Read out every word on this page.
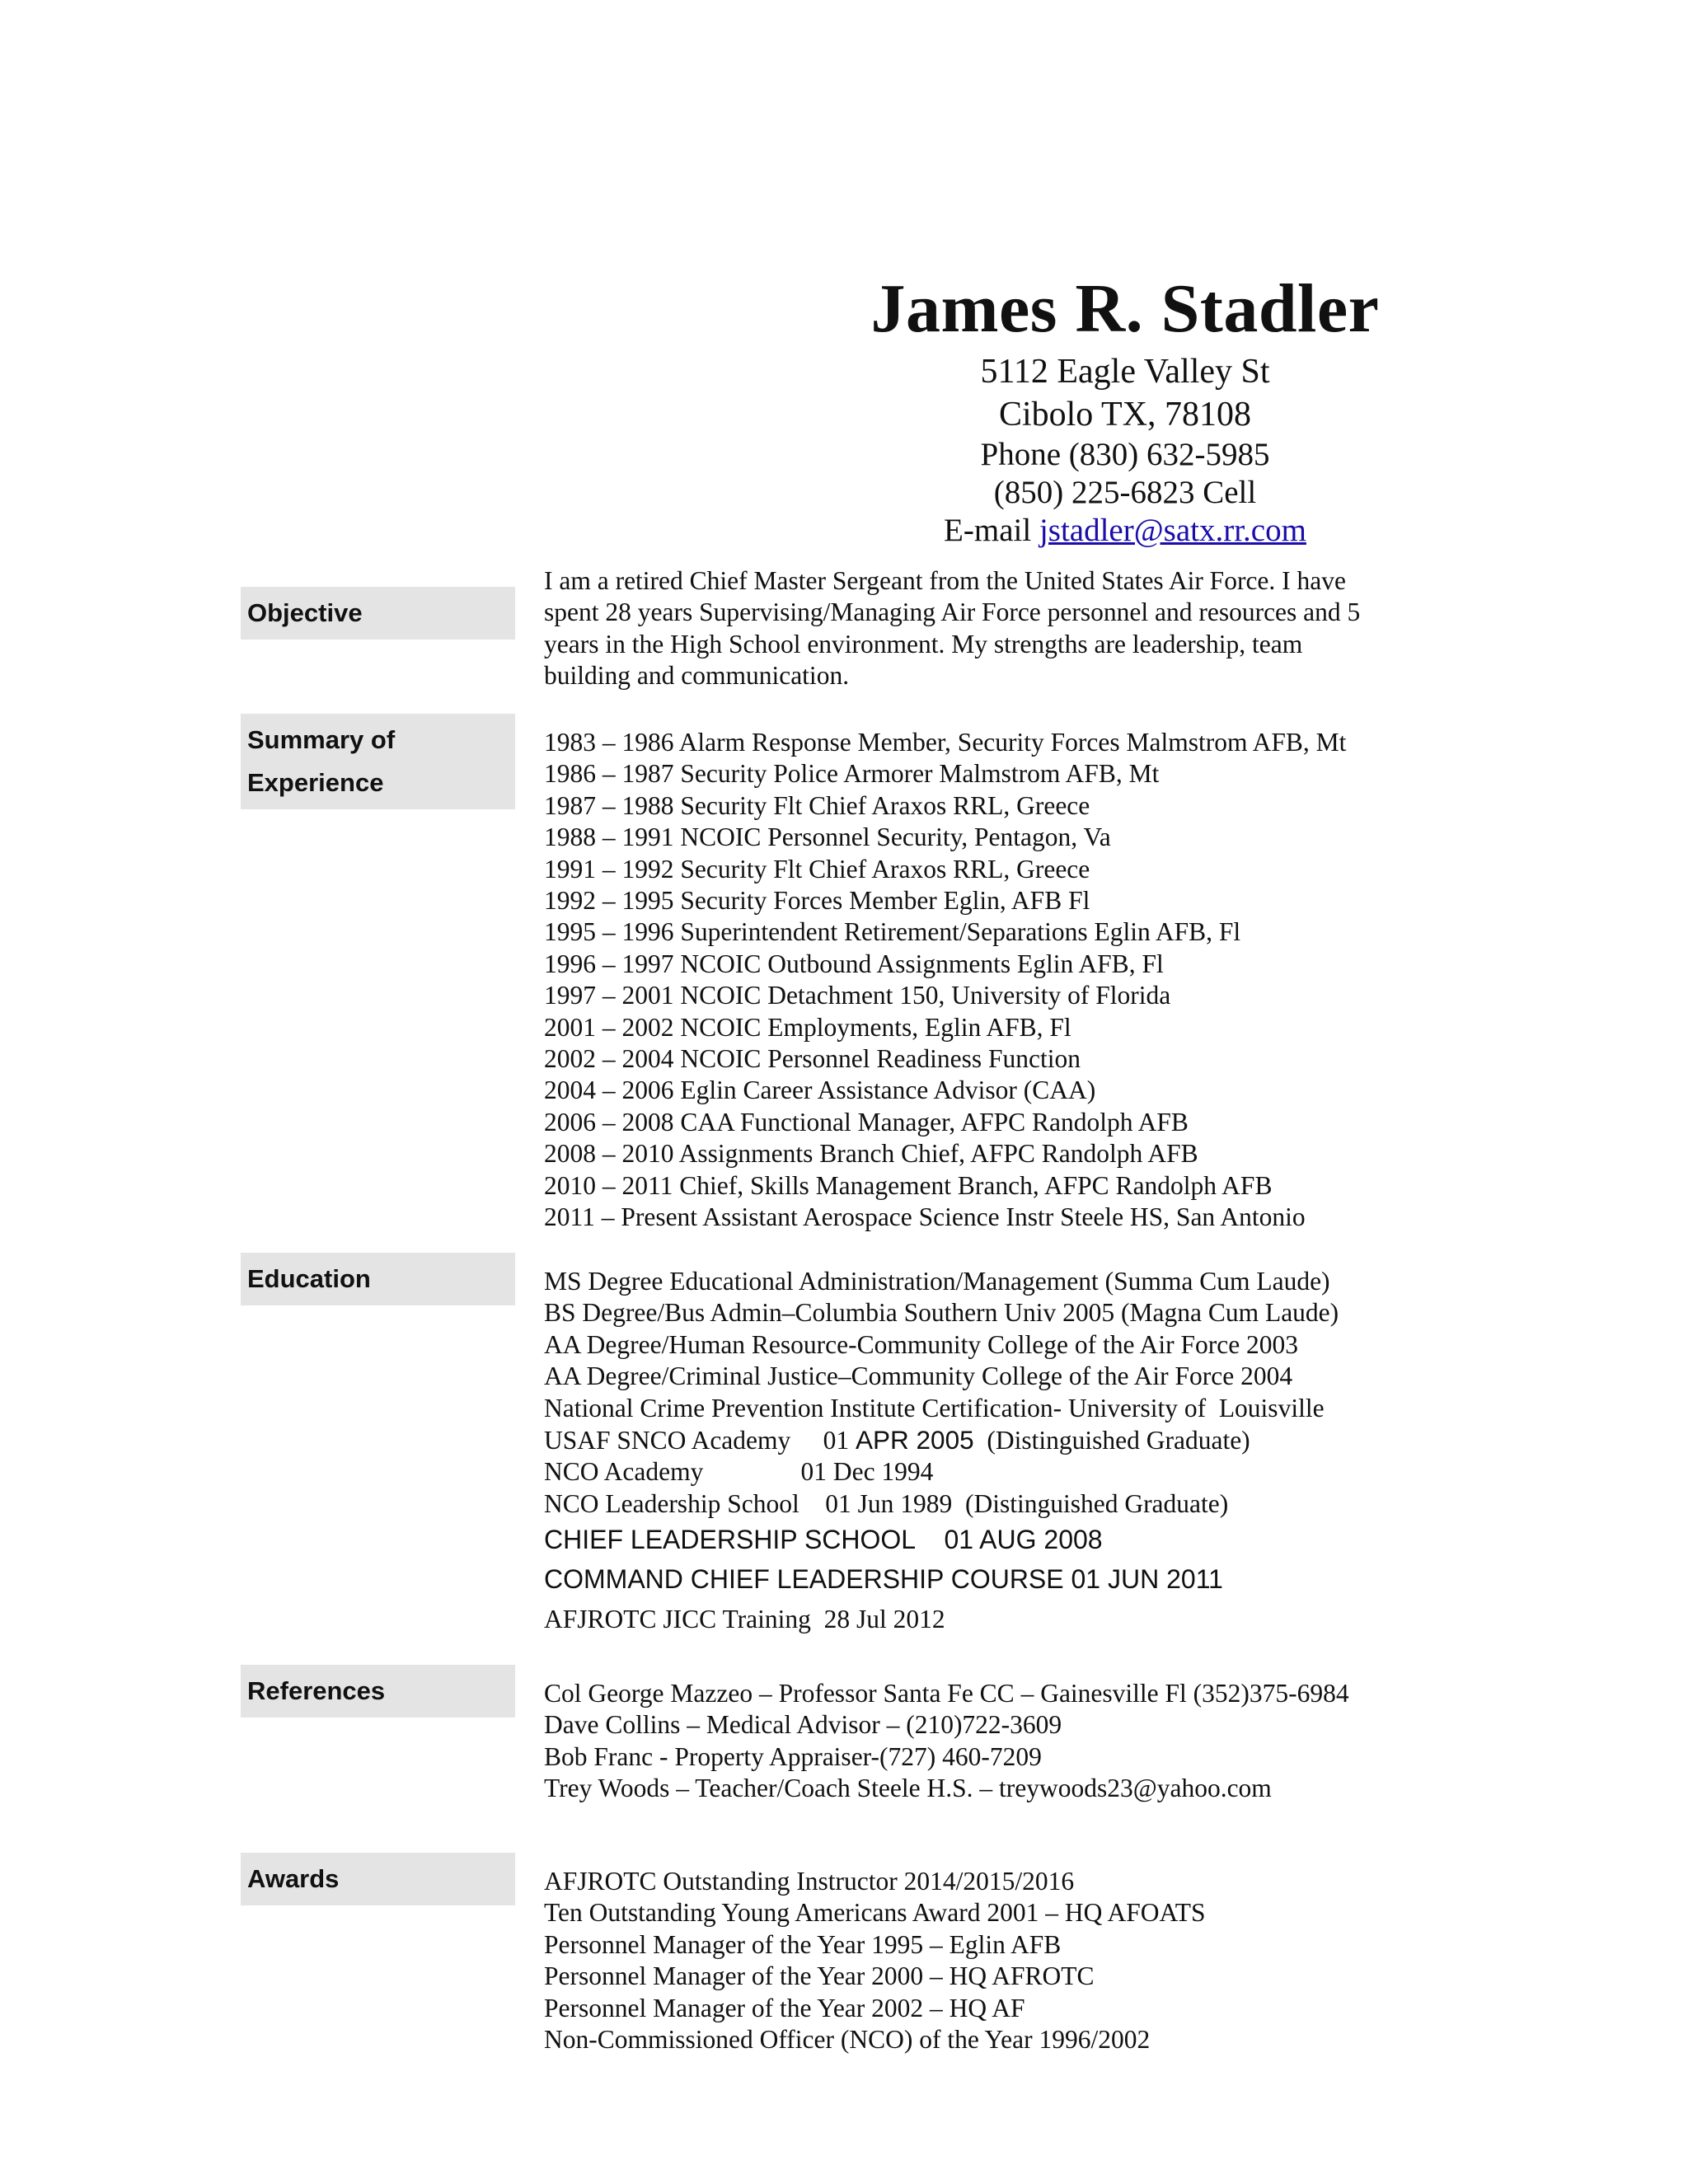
James R. Stadler
5112 Eagle Valley St
Cibolo TX, 78108
Phone (830) 632-5985
(850) 225-6823 Cell
E-mail jstadler@satx.rr.com
Objective
I am a retired Chief Master Sergeant from the United States Air Force. I have
spent 28 years Supervising/Managing Air Force personnel and resources and 5
years in the High School environment. My strengths are leadership, team
building and communication.
Summary of
Experience
1983 – 1986 Alarm Response Member, Security Forces Malmstrom AFB, Mt
1986 – 1987 Security Police Armorer Malmstrom AFB, Mt
1987 – 1988 Security Flt Chief Araxos RRL, Greece
1988 – 1991 NCOIC Personnel Security, Pentagon, Va
1991 – 1992 Security Flt Chief Araxos RRL, Greece
1992 – 1995 Security Forces Member Eglin, AFB Fl
1995 – 1996 Superintendent Retirement/Separations Eglin AFB, Fl
1996 – 1997 NCOIC Outbound Assignments Eglin AFB, Fl
1997 – 2001 NCOIC Detachment 150, University of Florida
2001 – 2002 NCOIC Employments, Eglin AFB, Fl
2002 – 2004 NCOIC Personnel Readiness Function
2004 – 2006 Eglin Career Assistance Advisor (CAA)
2006 – 2008 CAA Functional Manager, AFPC Randolph AFB
2008 – 2010 Assignments Branch Chief, AFPC Randolph AFB
2010 – 2011 Chief, Skills Management Branch, AFPC Randolph AFB
2011 – Present Assistant Aerospace Science Instr Steele HS, San Antonio
Education	MS Degree Educational Administration/Management (Summa Cum Laude)
BS Degree/Bus Admin–Columbia Southern Univ 2005 (Magna Cum Laude)
AA Degree/Human Resource-Community College of the Air Force 2003
AA Degree/Criminal Justice–Community College of the Air Force 2004
National Crime Prevention Institute Certification- University of  Louisville
USAF SNCO Academy     01 APR 2005  (Distinguished Graduate)
NCO Academy               01 Dec 1994
NCO Leadership School    01 Jun 1989  (Distinguished Graduate)
CHIEF LEADERSHIP SCHOOL    01 AUG 2008
COMMAND CHIEF LEADERSHIP COURSE 01 JUN 2011
AFJROTC JICC Training  28 Jul 2012
References	Col George Mazzeo – Professor Santa Fe CC – Gainesville Fl (352)375-6984
Dave Collins – Medical Advisor – (210)722-3609
Bob Franc - Property Appraiser-(727) 460-7209
Trey Woods – Teacher/Coach Steele H.S. – treywoods23@yahoo.com
Awards	AFJROTC Outstanding Instructor 2014/2015/2016
Ten Outstanding Young Americans Award 2001 – HQ AFOATS
Personnel Manager of the Year 1995 – Eglin AFB
Personnel Manager of the Year 2000 – HQ AFROTC
Personnel Manager of the Year 2002 – HQ AF
Non-Commissioned Officer (NCO) of the Year 1996/2002
